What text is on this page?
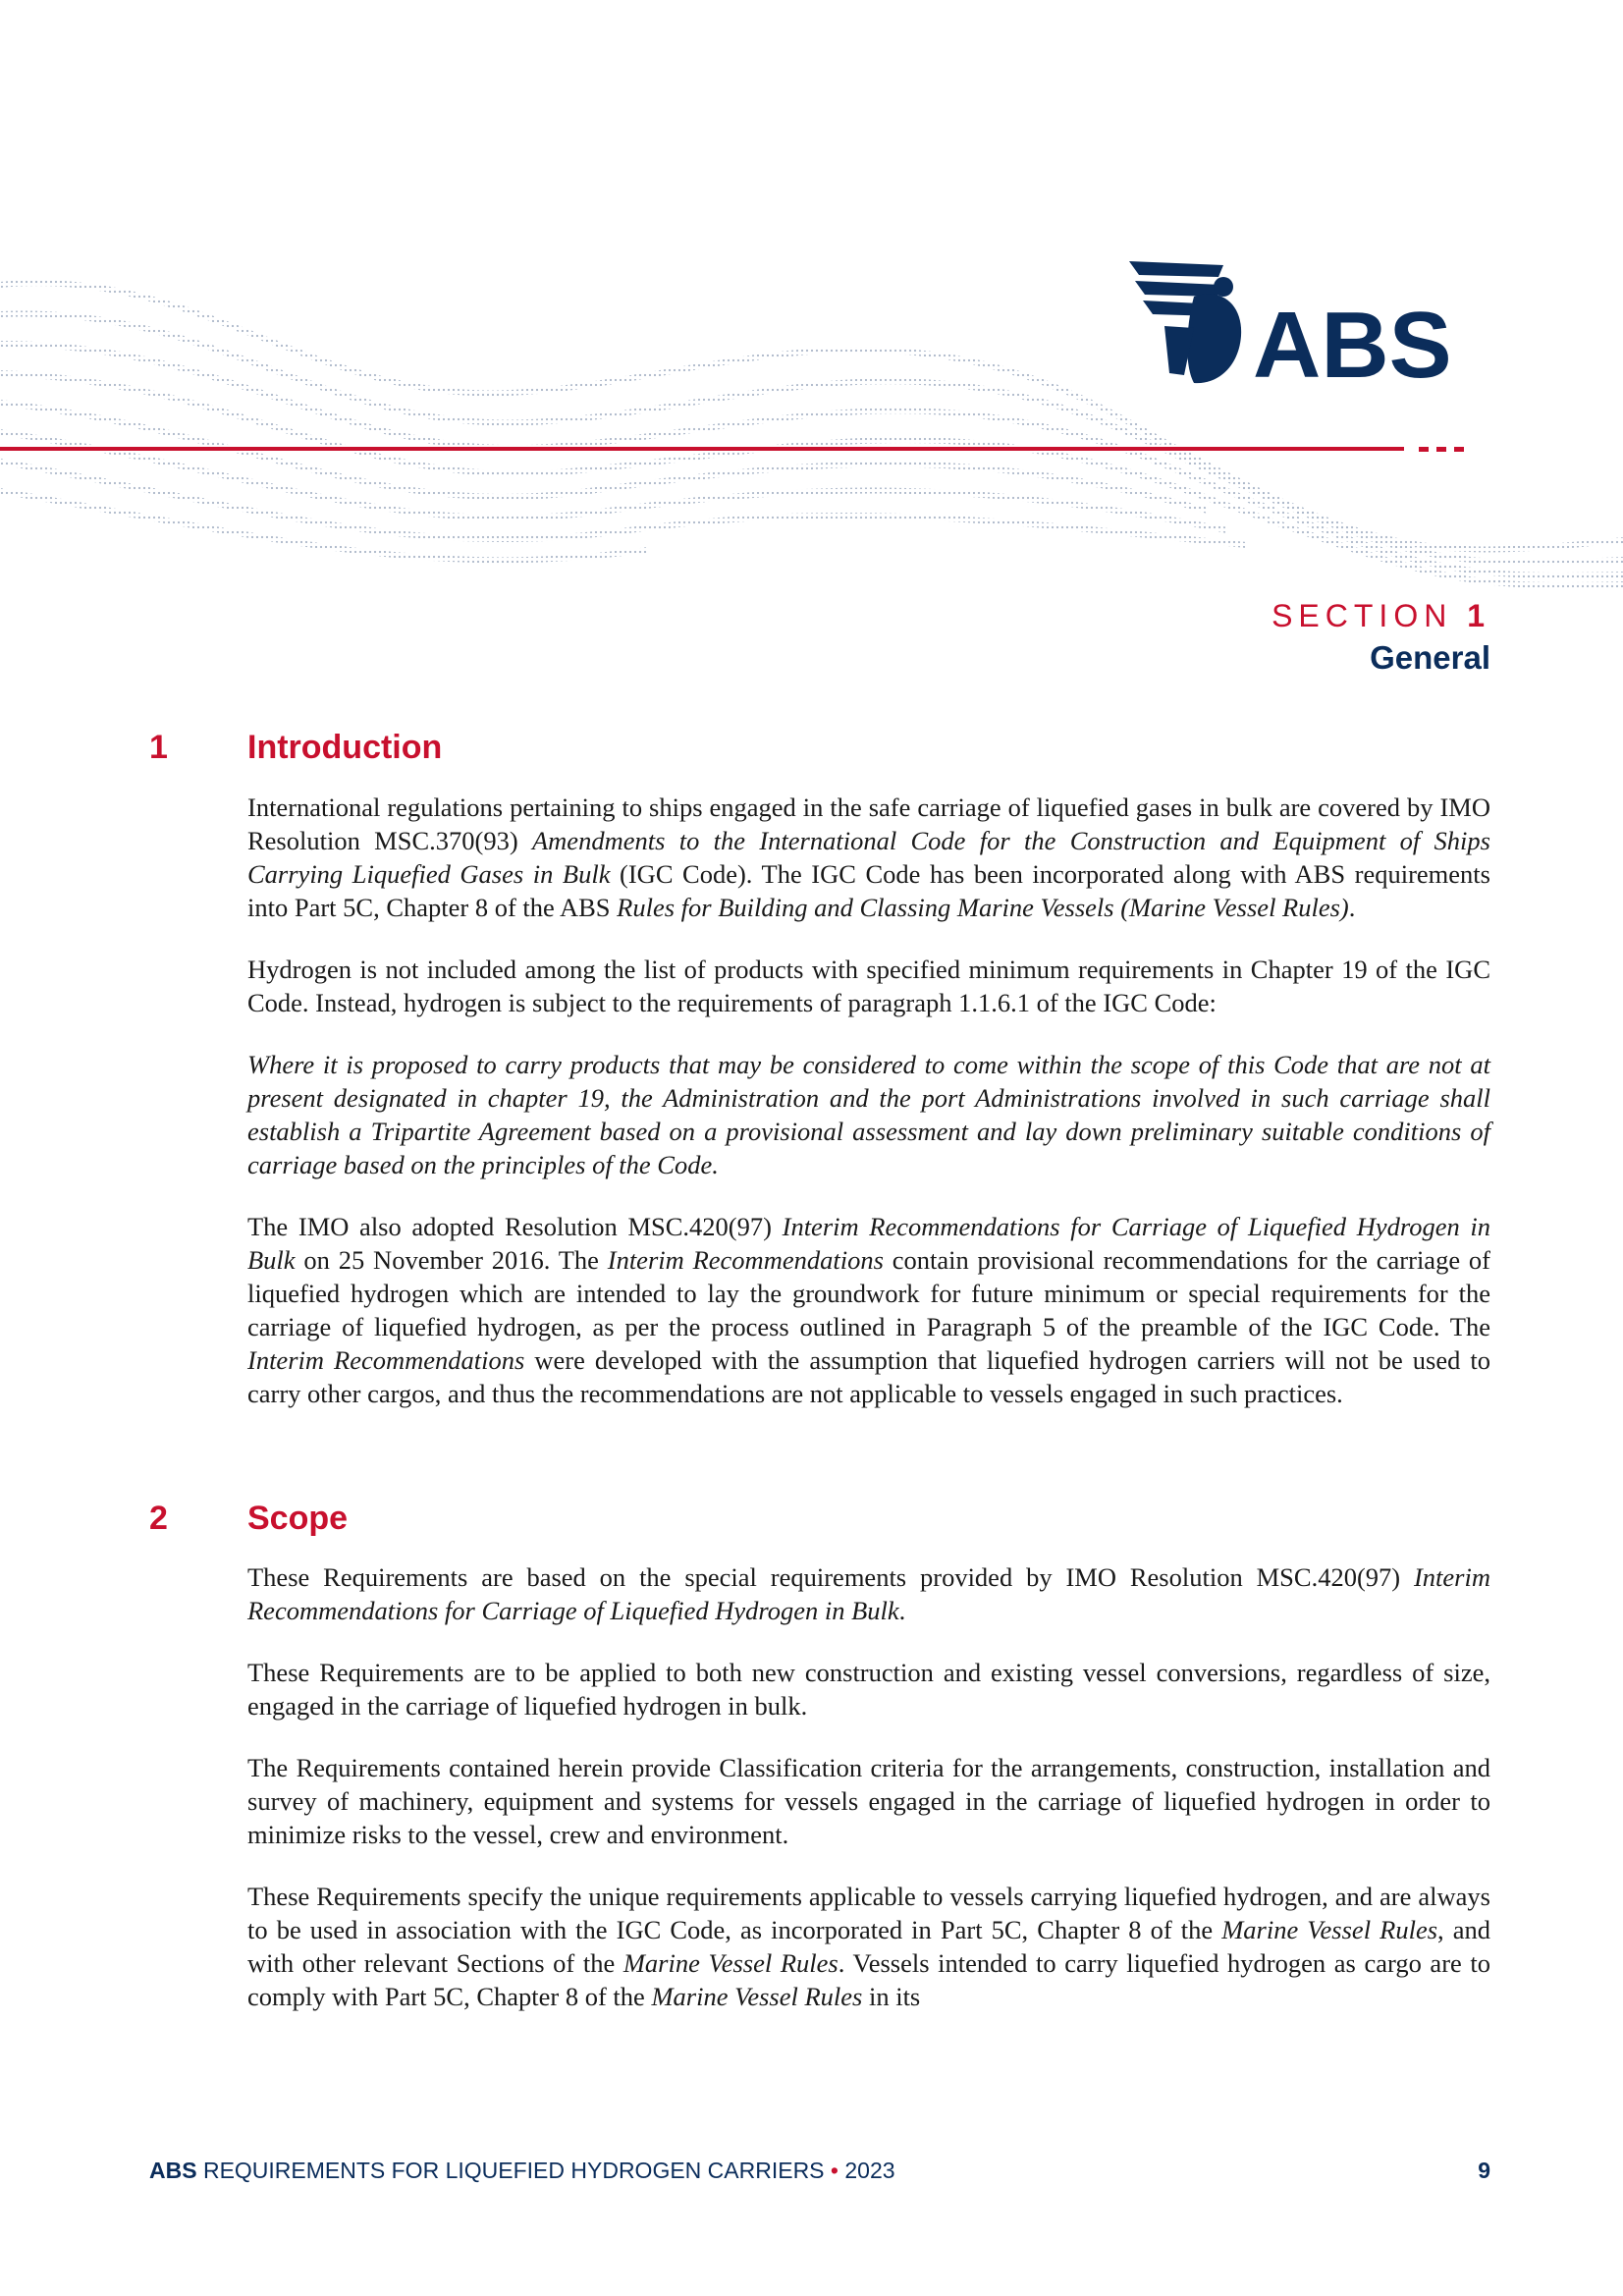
ABS
SECTION 1
General
1 Introduction

International regulations pertaining to ships engaged in the safe carriage of liquefied gases in bulk are covered by IMO Resolution MSC.370(93) Amendments to the International Code for the Construction and Equipment of Ships Carrying Liquefied Gases in Bulk (IGC Code). The IGC Code has been incorporated along with ABS requirements into Part 5C, Chapter 8 of the ABS Rules for Building and Classing Marine Vessels (Marine Vessel Rules).

Hydrogen is not included among the list of products with specified minimum requirements in Chapter 19 of the IGC Code. Instead, hydrogen is subject to the requirements of paragraph 1.1.6.1 of the IGC Code:

Where it is proposed to carry products that may be considered to come within the scope of this Code that are not at present designated in chapter 19, the Administration and the port Administrations involved in such carriage shall establish a Tripartite Agreement based on a provisional assessment and lay down preliminary suitable conditions of carriage based on the principles of the Code.

The IMO also adopted Resolution MSC.420(97) Interim Recommendations for Carriage of Liquefied Hydrogen in Bulk on 25 November 2016. The Interim Recommendations contain provisional recommendations for the carriage of liquefied hydrogen which are intended to lay the groundwork for future minimum or special requirements for the carriage of liquefied hydrogen, as per the process outlined in Paragraph 5 of the preamble of the IGC Code. The Interim Recommendations were developed with the assumption that liquefied hydrogen carriers will not be used to carry other cargos, and thus the recommendations are not applicable to vessels engaged in such practices.

2 Scope

These Requirements are based on the special requirements provided by IMO Resolution MSC.420(97) Interim Recommendations for Carriage of Liquefied Hydrogen in Bulk.

These Requirements are to be applied to both new construction and existing vessel conversions, regardless of size, engaged in the carriage of liquefied hydrogen in bulk.

The Requirements contained herein provide Classification criteria for the arrangements, construction, installation and survey of machinery, equipment and systems for vessels engaged in the carriage of liquefied hydrogen in order to minimize risks to the vessel, crew and environment.

These Requirements specify the unique requirements applicable to vessels carrying liquefied hydrogen, and are always to be used in association with the IGC Code, as incorporated in Part 5C, Chapter 8 of the Marine Vessel Rules, and with other relevant Sections of the Marine Vessel Rules. Vessels intended to carry liquefied hydrogen as cargo are to comply with Part 5C, Chapter 8 of the Marine Vessel Rules in its

ABS REQUIREMENTS FOR LIQUEFIED HYDROGEN CARRIERS • 2023	9
